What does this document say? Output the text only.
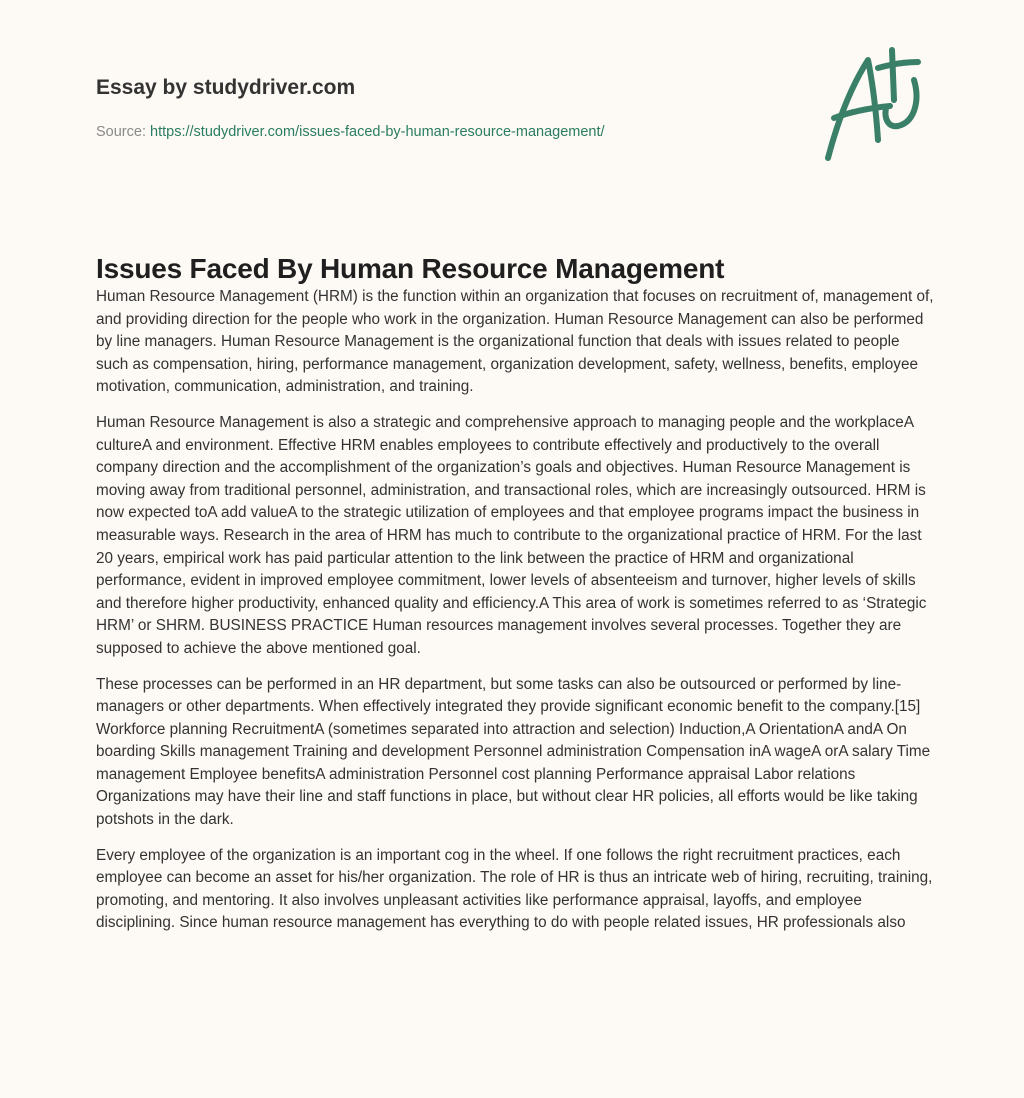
Essay by studydriver.com
Source: https://studydriver.com/issues-faced-by-human-resource-management/
Issues Faced By Human Resource Management

Human Resource Management (HRM) is the function within an organization that focuses on recruitment of, management of, and providing direction for the people who work in the organization. Human Resource Management can also be performed by line managers. Human Resource Management is the organizational function that deals with issues related to people such as compensation, hiring, performance management, organization development, safety, wellness, benefits, employee motivation, communication, administration, and training.

Human Resource Management is also a strategic and comprehensive approach to managing people and the workplaceA cultureA and environment. Effective HRM enables employees to contribute effectively and productively to the overall company direction and the accomplishment of the organization’s goals and objectives. Human Resource Management is moving away from traditional personnel, administration, and transactional roles, which are increasingly outsourced. HRM is now expected toA add valueA to the strategic utilization of employees and that employee programs impact the business in measurable ways. Research in the area of HRM has much to contribute to the organizational practice of HRM. For the last 20 years, empirical work has paid particular attention to the link between the practice of HRM and organizational performance, evident in improved employee commitment, lower levels of absenteeism and turnover, higher levels of skills and therefore higher productivity, enhanced quality and efficiency.A This area of work is sometimes referred to as ‘Strategic HRM’ or SHRM. BUSINESS PRACTICE Human resources management involves several processes. Together they are supposed to achieve the above mentioned goal.

These processes can be performed in an HR department, but some tasks can also be outsourced or performed by line-managers or other departments. When effectively integrated they provide significant economic benefit to the company.[15] Workforce planning RecruitmentA (sometimes separated into attraction and selection) Induction,A OrientationA andA On boarding Skills management Training and development Personnel administration Compensation inA wageA orA salary Time management Employee benefitsA administration Personnel cost planning Performance appraisal Labor relations Organizations may have their line and staff functions in place, but without clear HR policies, all efforts would be like taking potshots in the dark.

Every employee of the organization is an important cog in the wheel. If one follows the right recruitment practices, each employee can become an asset for his/her organization. The role of HR is thus an intricate web of hiring, recruiting, training, promoting, and mentoring. It also involves unpleasant activities like performance appraisal, layoffs, and employee disciplining. Since human resource management has everything to do with people related issues, HR professionals also
